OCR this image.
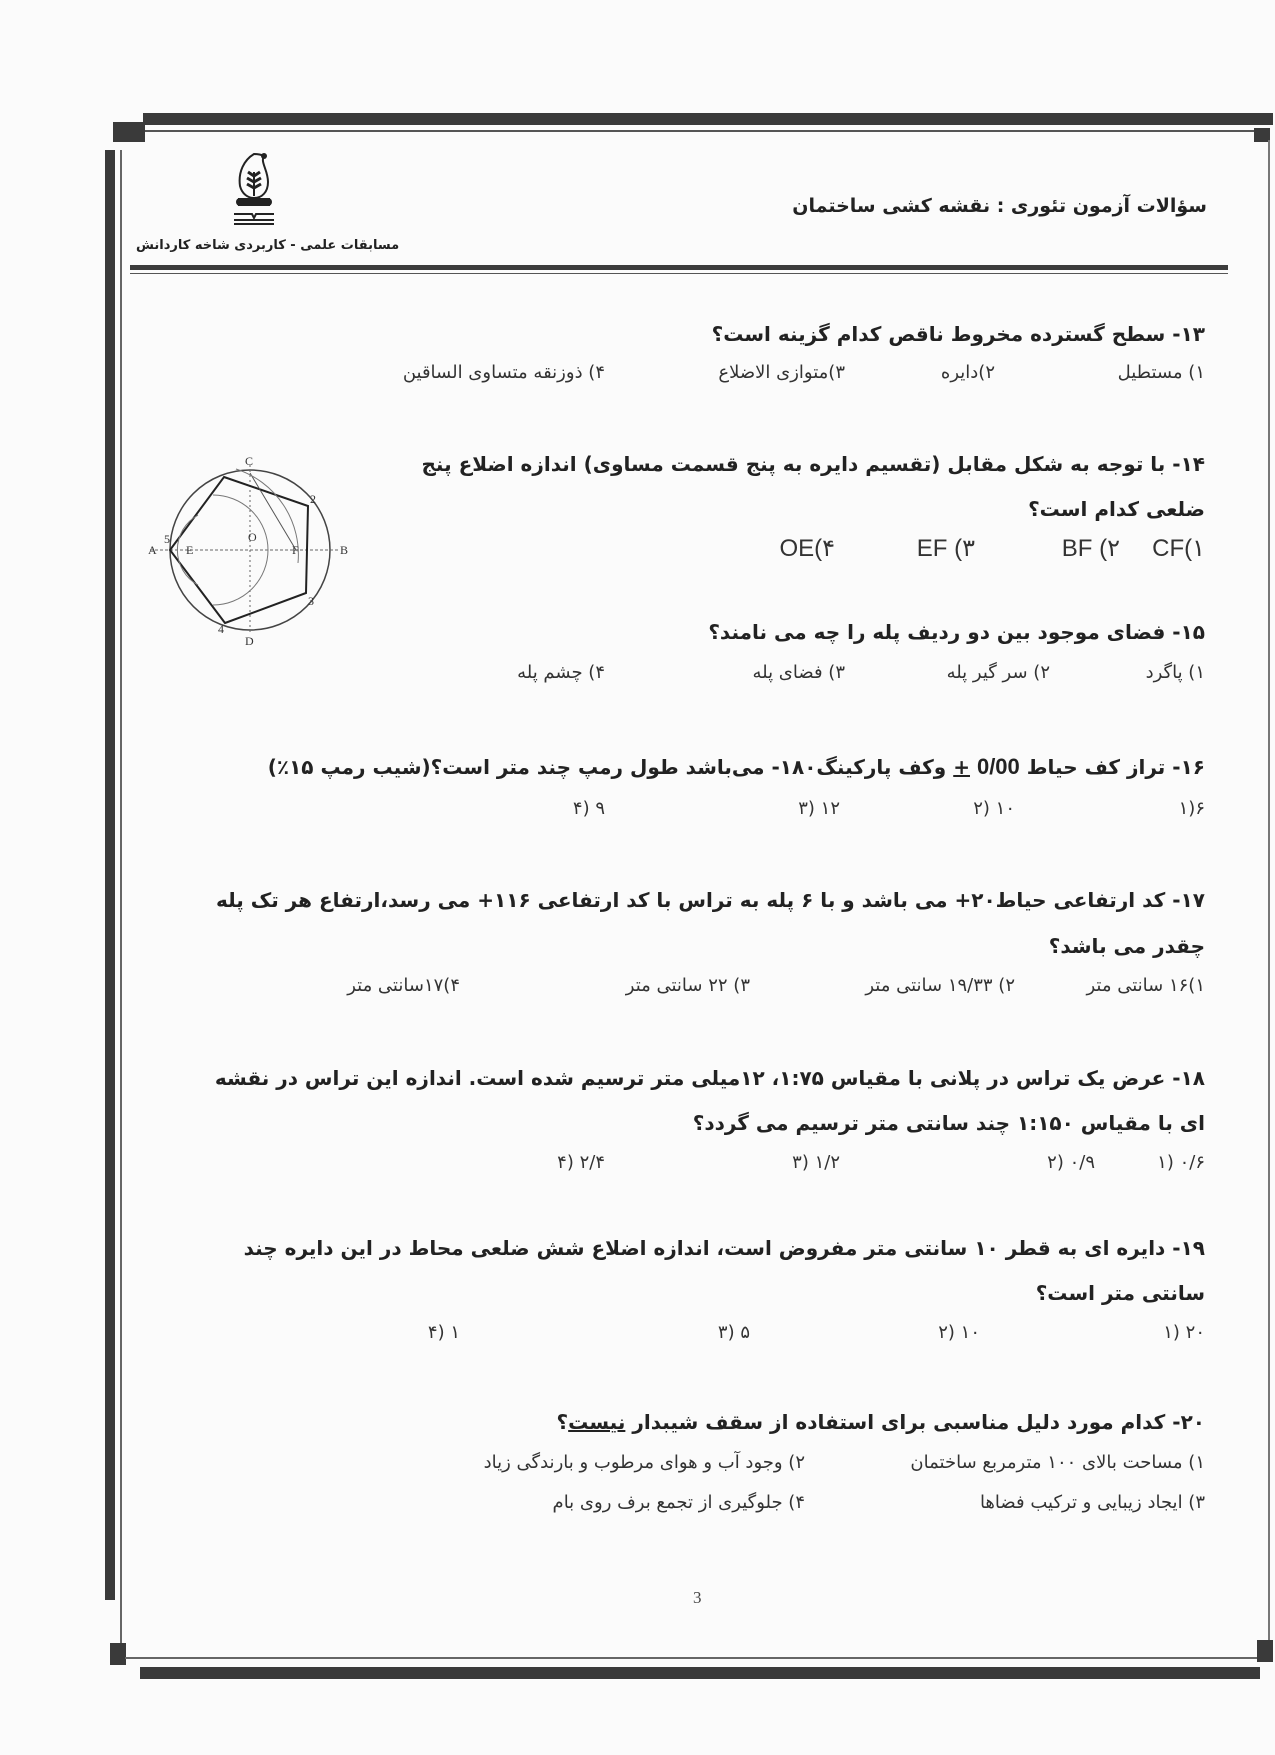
سؤالات آزمون تئوری : نقشه کشی ساختمان
مسابقات علمی - کاربردی شاخه کاردانش
۱۳- سطح گسترده مخروط ناقص کدام گزینه است؟
۱) مستطیل
۲)دایره
۳)متوازی الاضلاع
۴) ذوزنقه متساوی الساقین
۱۴- با توجه به شکل مقابل (تقسیم دایره به پنج قسمت مساوی) اندازه اضلاع پنج
ضلعی کدام است؟
CF(۱
BF (۲
EF (۳
OE(۴
C
D
A	B
O
E	F
2
3
4
5
۱۵- فضای موجود بین دو ردیف پله را چه می نامند؟
۱) پاگرد
۲) سر گیر پله
۳) فضای پله
۴) چشم پله
۱۶- تراز کف حیاط 0/00 + وکف پارکینگ۱۸۰- می‌باشد طول رمپ چند متر است؟(شیب رمپ ۱۵٪)
۶(۱
۱۰ (۲
۱۲ (۳
۹ (۴
۱۷- کد ارتفاعی حیاط۲۰+ می باشد و با ۶ پله به تراس با کد ارتفاعی ۱۱۶+ می رسد،ارتفاع هر تک پله
چقدر می باشد؟
۱)۱۶ سانتی متر
۲) ۱۹/۳۳ سانتی متر
۳) ۲۲ سانتی متر
۴)۱۷سانتی متر
۱۸- عرض یک تراس در پلانی با مقیاس ۱:۷۵، ۱۲میلی متر ترسیم شده است. اندازه این تراس در نقشه
ای با مقیاس ۱:۱۵۰ چند سانتی متر ترسیم می گردد؟
۰/۶ (۱
۰/۹ (۲
۱/۲ (۳
۲/۴ (۴
۱۹- دایره ای به قطر ۱۰ سانتی متر مفروض است، اندازه اضلاع شش ضلعی محاط در این دایره چند
سانتی متر است؟
۲۰ (۱
۱۰ (۲
۵ (۳
۱ (۴
۲۰- کدام مورد دلیل مناسبی برای استفاده از سقف شیبدار نیست؟
۱) مساحت بالای ۱۰۰ مترمربع ساختمان
۲) وجود آب و هوای مرطوب و بارندگی زیاد
۳) ایجاد زیبایی و ترکیب فضاها
۴) جلوگیری از تجمع برف روی بام
3
